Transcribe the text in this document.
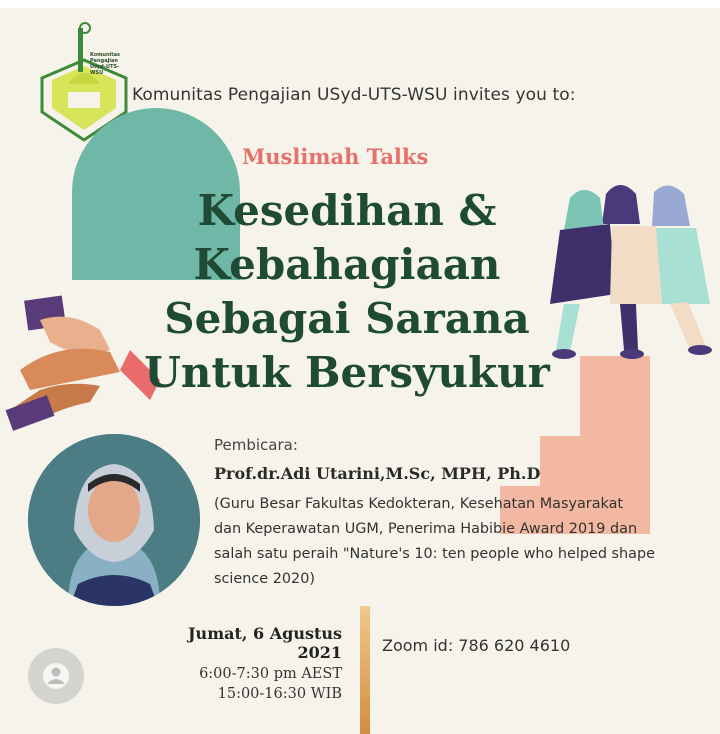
Komunitas
Pengajian
Usyd-UTS-WSU
Komunitas Pengajian USyd-UTS-WSU invites you to:
Muslimah Talks
Kesedihan &
Kebahagiaan
Sebagai Sarana
Untuk Bersyukur
Pembicara:
Prof.dr.Adi Utarini,M.Sc, MPH, Ph.D
(Guru Besar Fakultas Kedokteran, Kesehatan Masyarakat
dan Keperawatan UGM, Penerima Habibie Award 2019 dan
salah satu peraih "Nature's 10: ten people who helped shape
science 2020)
Jumat, 6 Agustus 2021
6:00-7:30 pm AEST
15:00-16:30 WIB
Zoom id: 786 620 4610
